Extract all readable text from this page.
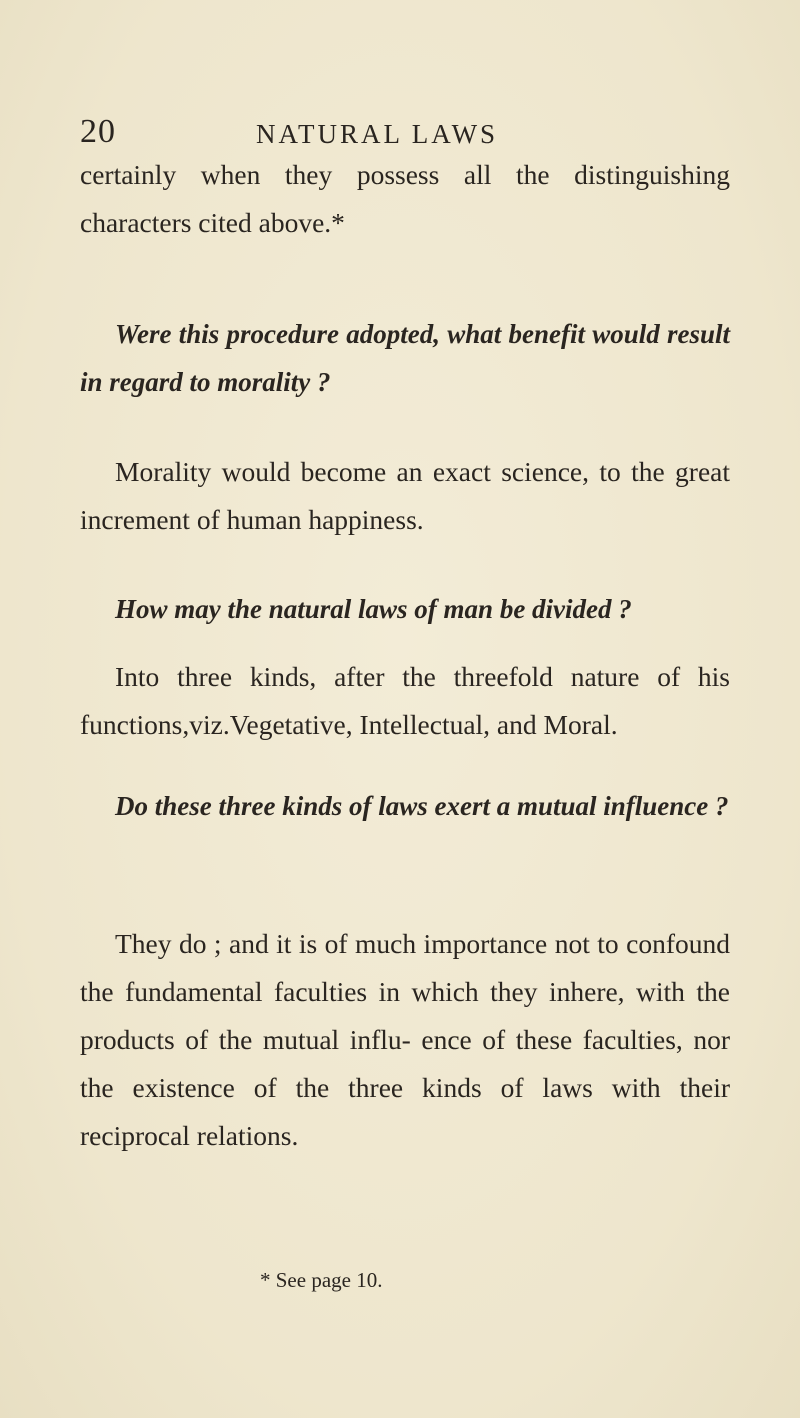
20	NATURAL LAWS

certainly when they possess all the distinguishing characters cited above.*

Were this procedure adopted, what benefit would result in regard to morality ?

Morality would become an exact science, to the great increment of human happiness.

How may the natural laws of man be divided ?

Into three kinds, after the threefold nature of his functions,viz.Vegetative, Intellectual, and Moral.

Do these three kinds of laws exert a mutual influence ?

They do ; and it is of much importance not to confound the fundamental faculties in which they inhere, with the products of the mutual influ- ence of these faculties, nor the existence of the three kinds of laws with their reciprocal relations.

* See page 10.
